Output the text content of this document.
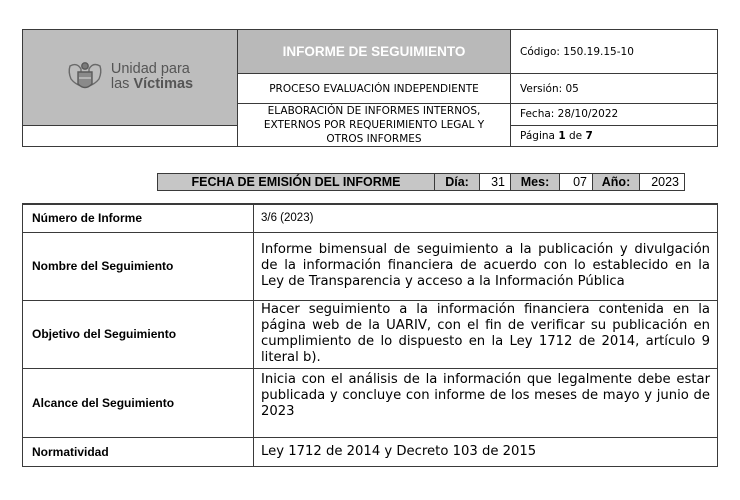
Unidad para
las Víctimas	INFORME DE SEGUIMIENTO	Código: 150.19.15-10
	PROCESO EVALUACIÓN INDEPENDIENTE	Versión: 05
	ELABORACIÓN DE INFORMES INTERNOS, EXTERNOS POR REQUERIMIENTO LEGAL Y OTROS INFORMES	Fecha: 28/10/2022
		Página 1 de 7
FECHA DE EMISIÓN DEL INFORME	Día:	31	Mes:	07	Año:	2023
Número de Informe	3/6 (2023)
Nombre del Seguimiento	Informe bimensual de seguimiento a la publicación y divulgación de la información financiera de acuerdo con lo establecido en la Ley de Transparencia y acceso a la Información Pública
Objetivo del Seguimiento	Hacer seguimiento a la información financiera contenida en la página web de la UARIV, con el fin de verificar su publicación en cumplimiento de lo dispuesto en la Ley 1712 de 2014, artículo 9 literal b).
Alcance del Seguimiento	Inicia con el análisis de la información que legalmente debe estar publicada y concluye con informe de los meses de mayo y junio de 2023
Normatividad	Ley 1712 de 2014 y Decreto 103 de 2015
